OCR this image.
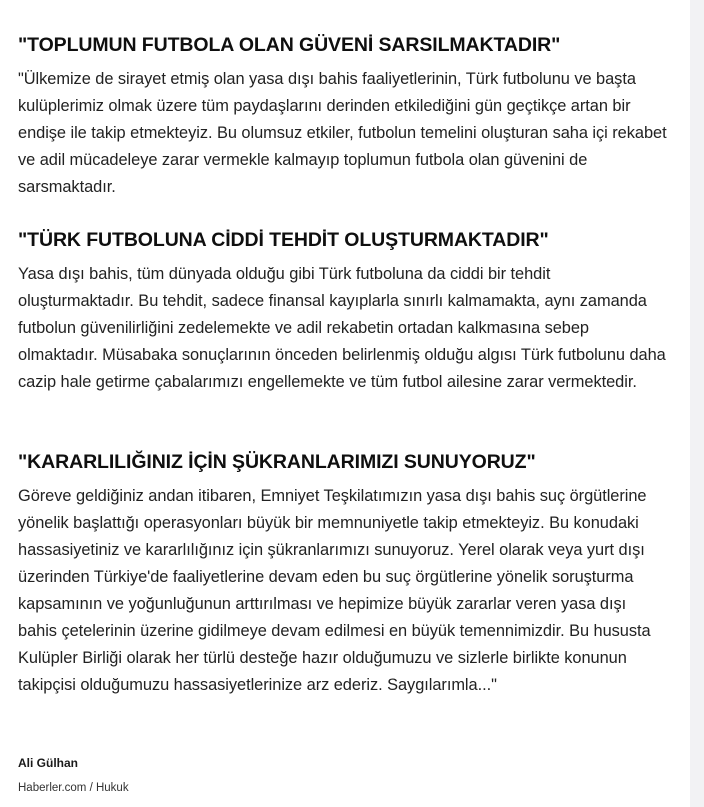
"TOPLUMUN FUTBOLA OLAN GÜVENİ SARSILMAKTADIR"

"Ülkemize de sirayet etmiş olan yasa dışı bahis faaliyetlerinin, Türk futbolunu ve başta kulüplerimiz olmak üzere tüm paydaşlarını derinden etkilediğini gün geçtikçe artan bir endişe ile takip etmekteyiz. Bu olumsuz etkiler, futbolun temelini oluşturan saha içi rekabet ve adil mücadeleye zarar vermekle kalmayıp toplumun futbola olan güvenini de sarsmaktadır.

"TÜRK FUTBOLUNA CİDDİ TEHDİT OLUŞTURMAKTADIR"

Yasa dışı bahis, tüm dünyada olduğu gibi Türk futboluna da ciddi bir tehdit oluşturmaktadır. Bu tehdit, sadece finansal kayıplarla sınırlı kalmamakta, aynı zamanda futbolun güvenilirliğini zedelemekte ve adil rekabetin ortadan kalkmasına sebep olmaktadır. Müsabaka sonuçlarının önceden belirlenmiş olduğu algısı Türk futbolunu daha cazip hale getirme çabalarımızı engellemekte ve tüm futbol ailesine zarar vermektedir.

"KARARLILIĞINIZ İÇİN ŞÜKRANLARIMIZI SUNUYORUZ"

Göreve geldiğiniz andan itibaren, Emniyet Teşkilatımızın yasa dışı bahis suç örgütlerine yönelik başlattığı operasyonları büyük bir memnuniyetle takip etmekteyiz. Bu konudaki hassasiyetiniz ve kararlılığınız için şükranlarımızı sunuyoruz. Yerel olarak veya yurt dışı üzerinden Türkiye'de faaliyetlerine devam eden bu suç örgütlerine yönelik soruşturma kapsamının ve yoğunluğunun arttırılması ve hepimize büyük zararlar veren yasa dışı bahis çetelerinin üzerine gidilmeye devam edilmesi en büyük temennimizdir. Bu hususta Kulüpler Birliği olarak her türlü desteğe hazır olduğumuzu ve sizlerle birlikte konunun takipçisi olduğumuzu hassasiyetlerinize arz ederiz. Saygılarımla..."

Ali Gülhan

Haberler.com / Hukuk
